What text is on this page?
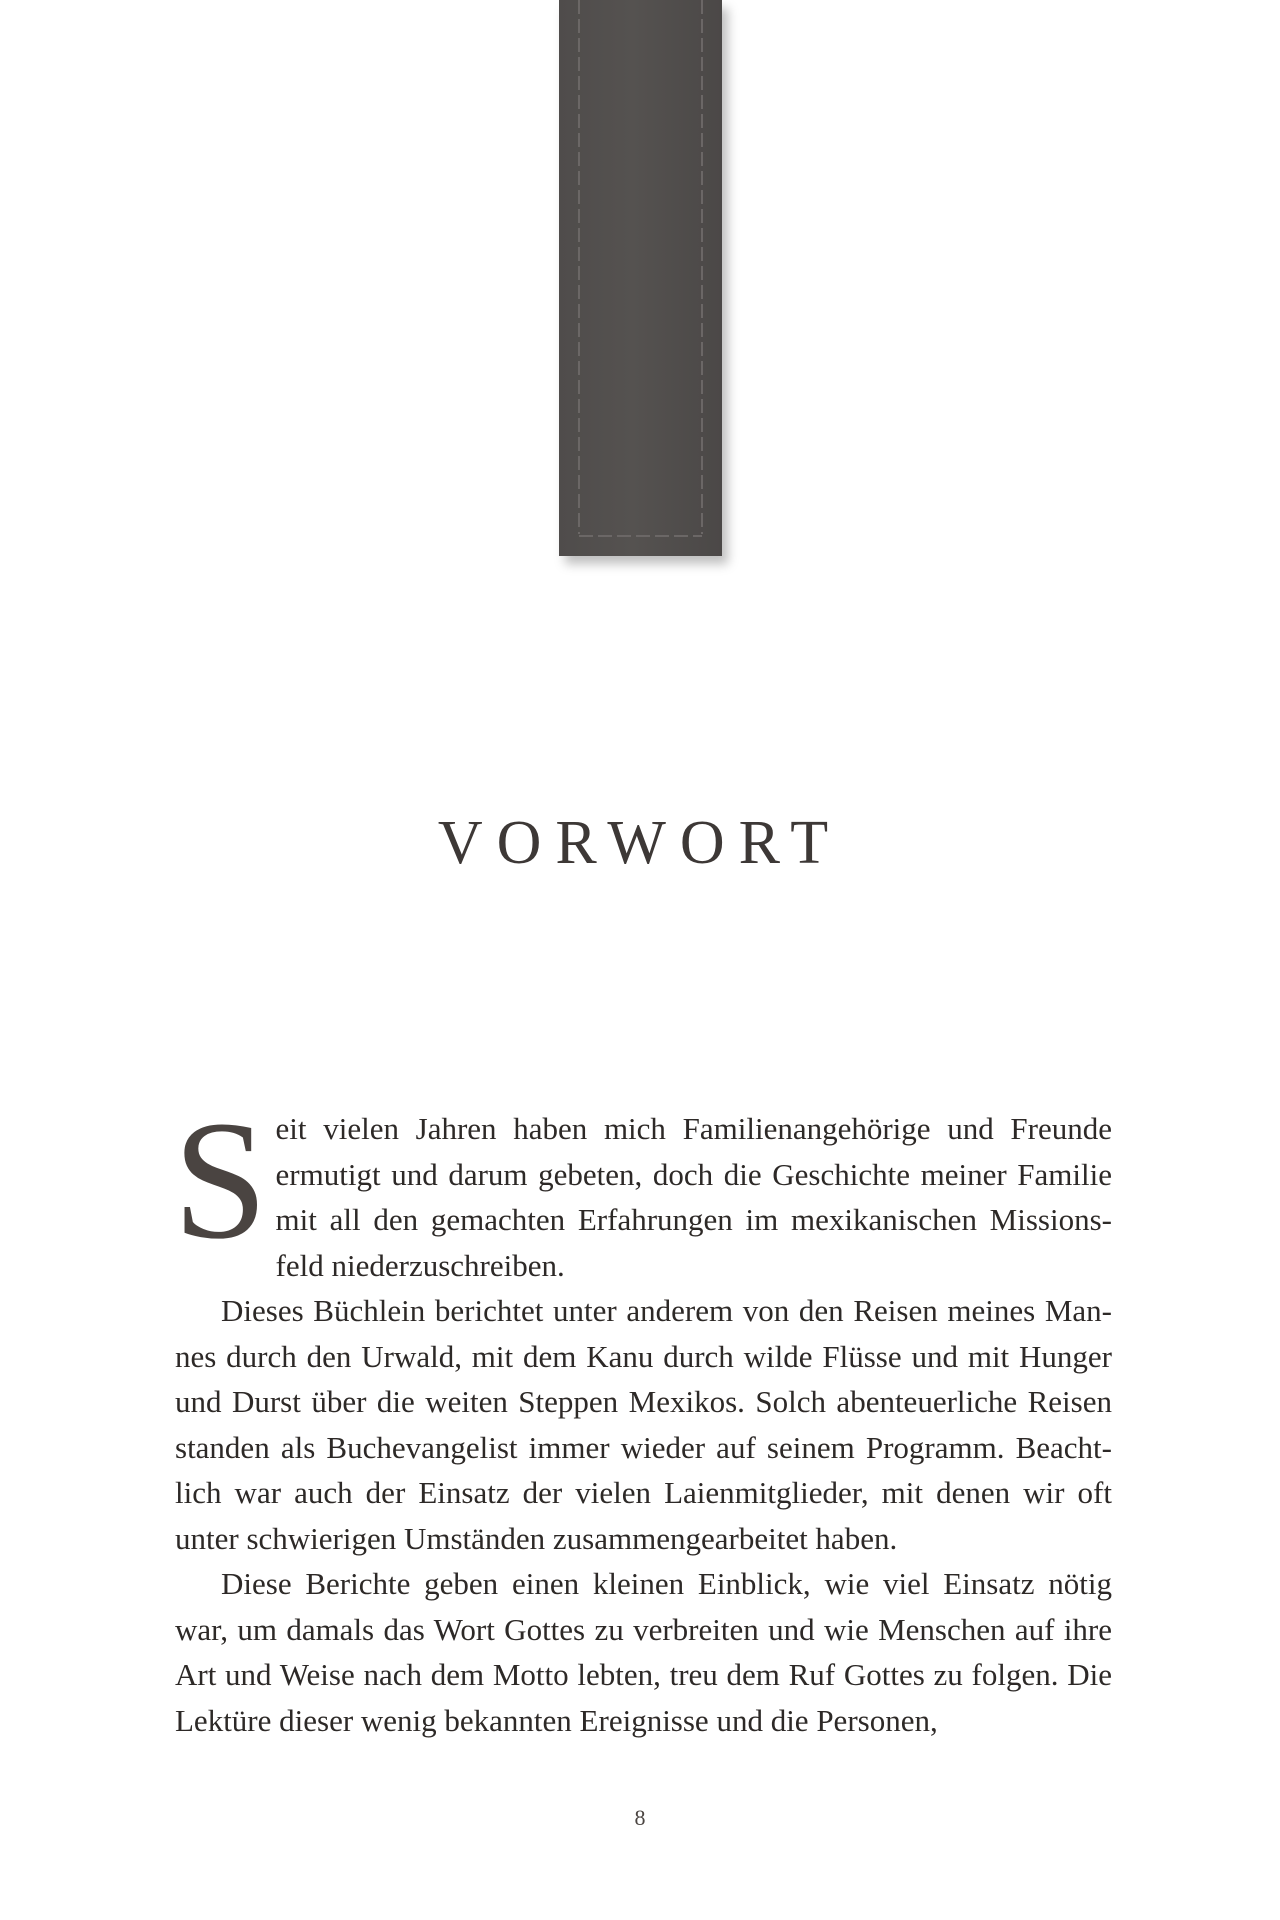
VORWORT

Seit vielen Jahren haben mich Familienangehörige und Freunde ermutigt und darum gebeten, doch die Geschichte meiner Familie mit all den gemachten Erfahrungen im mexikanischen Missionsfeld niederzuschreiben.

Dieses Büchlein berichtet unter anderem von den Reisen meines Mannes durch den Urwald, mit dem Kanu durch wilde Flüsse und mit Hunger und Durst über die weiten Steppen Mexikos. Solch abenteuerliche Reisen standen als Buchevangelist immer wieder auf seinem Programm. Beachtlich war auch der Einsatz der vielen Laienmitglieder, mit denen wir oft unter schwierigen Umständen zusammengearbeitet haben.

Diese Berichte geben einen kleinen Einblick, wie viel Einsatz nötig war, um damals das Wort Gottes zu verbreiten und wie Menschen auf ihre Art und Weise nach dem Motto lebten, treu dem Ruf Gottes zu folgen. Die Lektüre dieser wenig bekannten Ereignisse und die Personen,

8
